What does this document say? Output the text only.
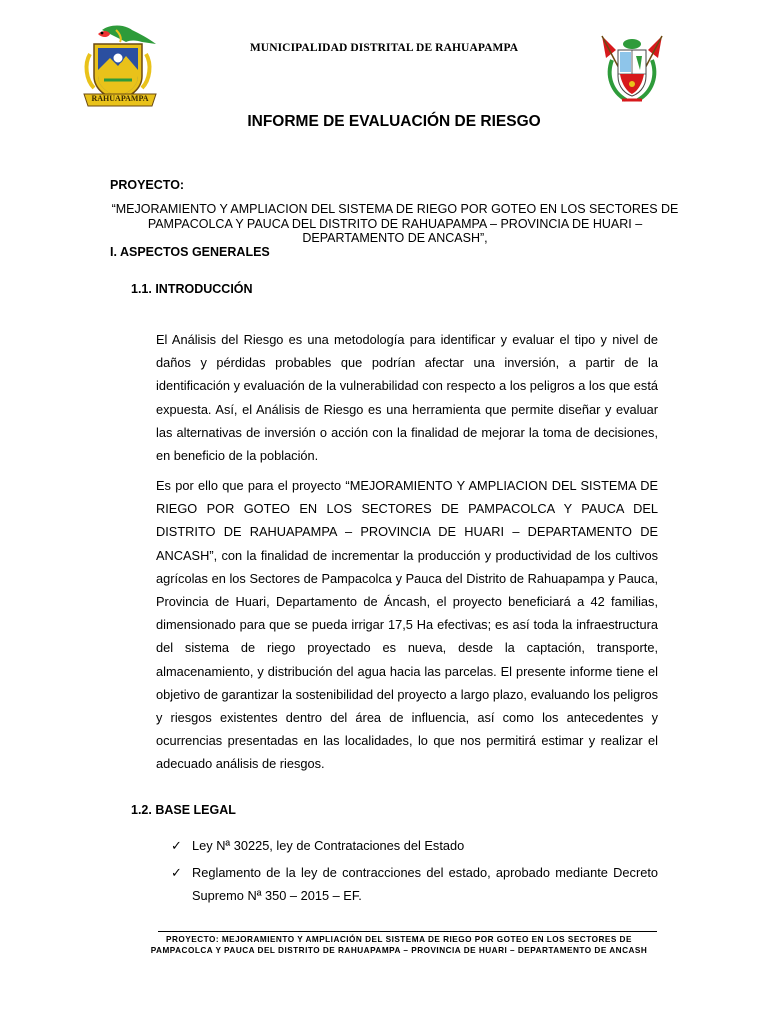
RAHUAPAMPA
MUNICIPALIDAD DISTRITAL DE RAHUAPAMPA
INFORME DE EVALUACIÓN DE RIESGO
PROYECTO:
“MEJORAMIENTO Y AMPLIACION DEL SISTEMA DE RIEGO POR GOTEO EN LOS SECTORES DE PAMPACOLCA Y PAUCA DEL DISTRITO DE RAHUAPAMPA – PROVINCIA DE HUARI – DEPARTAMENTO DE ANCASH”,
I. ASPECTOS GENERALES
1.1. INTRODUCCIÓN
El Análisis del Riesgo es una metodología para identificar y evaluar el tipo y nivel de daños y pérdidas probables que podrían afectar una inversión, a partir de la identificación y evaluación de la vulnerabilidad con respecto a los peligros a los que está expuesta. Así, el Análisis de Riesgo es una herramienta que permite diseñar y evaluar las alternativas de inversión o acción con la finalidad de mejorar la toma de decisiones, en beneficio de la población.
Es por ello que para el proyecto “MEJORAMIENTO Y AMPLIACION DEL SISTEMA DE RIEGO POR GOTEO EN LOS SECTORES DE PAMPACOLCA Y PAUCA DEL DISTRITO DE RAHUAPAMPA – PROVINCIA DE HUARI – DEPARTAMENTO DE ANCASH”, con la finalidad de incrementar la producción y productividad de los cultivos agrícolas en los Sectores de Pampacolca y Pauca del Distrito de Rahuapampa y Pauca, Provincia de Huari, Departamento de Áncash, el proyecto beneficiará a 42 familias, dimensionado para que se pueda irrigar 17,5 Ha efectivas; es así toda la infraestructura del sistema de riego proyectado es nueva, desde la captación, transporte, almacenamiento, y distribución del agua hacia las parcelas. El presente informe tiene el objetivo de garantizar la sostenibilidad del proyecto a largo plazo, evaluando los peligros y riesgos existentes dentro del área de influencia, así como los antecedentes y ocurrencias presentadas en las localidades, lo que nos permitirá estimar y realizar el adecuado análisis de riesgos.
1.2. BASE LEGAL
✓ Ley Nª 30225, ley de Contrataciones del Estado
✓ Reglamento de la ley de contracciones del estado, aprobado mediante Decreto Supremo Nª 350 – 2015 – EF.
PROYECTO: MEJORAMIENTO Y AMPLIACIÓN DEL SISTEMA DE RIEGO POR GOTEO EN LOS SECTORES DE
PAMPACOLCA Y PAUCA DEL DISTRITO DE RAHUAPAMPA – PROVINCIA DE HUARI – DEPARTAMENTO DE ANCASH
